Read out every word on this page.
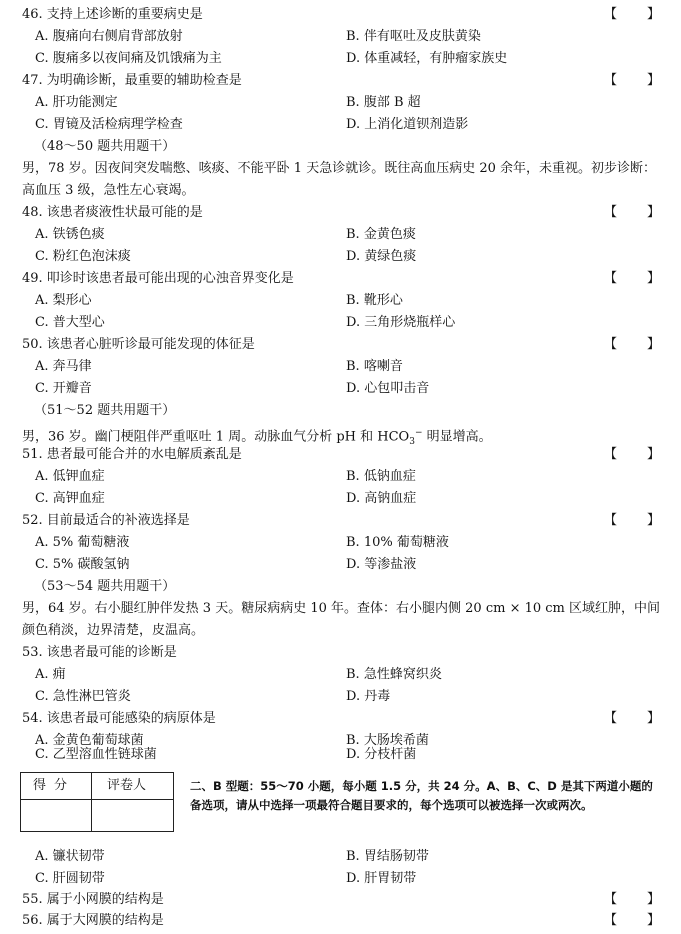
46. 支持上述诊断的重要病史是	【 】
A. 腹痛向右侧肩背部放射	B. 伴有呕吐及皮肤黄染
C. 腹痛多以夜间痛及饥饿痛为主	D. 体重减轻，有肿瘤家族史
47. 为明确诊断，最重要的辅助检查是	【 】
A. 肝功能测定	B. 腹部 B 超
C. 胃镜及活检病理学检查	D. 上消化道钡剂造影
（48～50 题共用题干）
男，78 岁。因夜间突发喘憋、咳痰、不能平卧 1 天急诊就诊。既往高血压病史 20 余年，未重视。初步诊断：高血压 3 级，急性左心衰竭。
48. 该患者痰液性状最可能的是	【 】
A. 铁锈色痰	B. 金黄色痰
C. 粉红色泡沫痰	D. 黄绿色痰
49. 叩诊时该患者最可能出现的心浊音界变化是	【 】
A. 梨形心	B. 靴形心
C. 普大型心	D. 三角形烧瓶样心
50. 该患者心脏听诊最可能发现的体征是	【 】
A. 奔马律	B. 喀喇音
C. 开瓣音	D. 心包叩击音
（51～52 题共用题干）
男，36 岁。幽门梗阻伴严重呕吐 1 周。动脉血气分析 pH 和 $HCO_3^-$ 明显增高。
51. 患者最可能合并的水电解质紊乱是	【 】
A. 低钾血症	B. 低钠血症
C. 高钾血症	D. 高钠血症
52. 目前最适合的补液选择是	【 】
A. 5% 葡萄糖液	B. 10% 葡萄糖液
C. 5% 碳酸氢钠	D. 等渗盐液
（53～54 题共用题干）
男，64 岁。右小腿红肿伴发热 3 天。糖尿病病史 10 年。查体：右小腿内侧 20 cm × 10 cm 区域红肿，中间颜色稍淡，边界清楚，皮温高。
53. 该患者最可能的诊断是
A. 痈	B. 急性蜂窝织炎
C. 急性淋巴管炎	D. 丹毒
54. 该患者最可能感染的病原体是	【 】
A. 金黄色葡萄球菌	B. 大肠埃希菌
C. 乙型溶血性链球菌	D. 分枝杆菌
得分 评卷人	二、B 型题：55～70 小题，每小题 1.5 分，共 24 分。A、B、C、D 是其下两道小题的备选项，请从中选择一项最符合题目要求的，每个选项可以被选择一次或两次。
A. 镰状韧带	B. 胃结肠韧带
C. 肝圆韧带	D. 肝胃韧带
55. 属于小网膜的结构是	【 】
56. 属于大网膜的结构是	【 】
